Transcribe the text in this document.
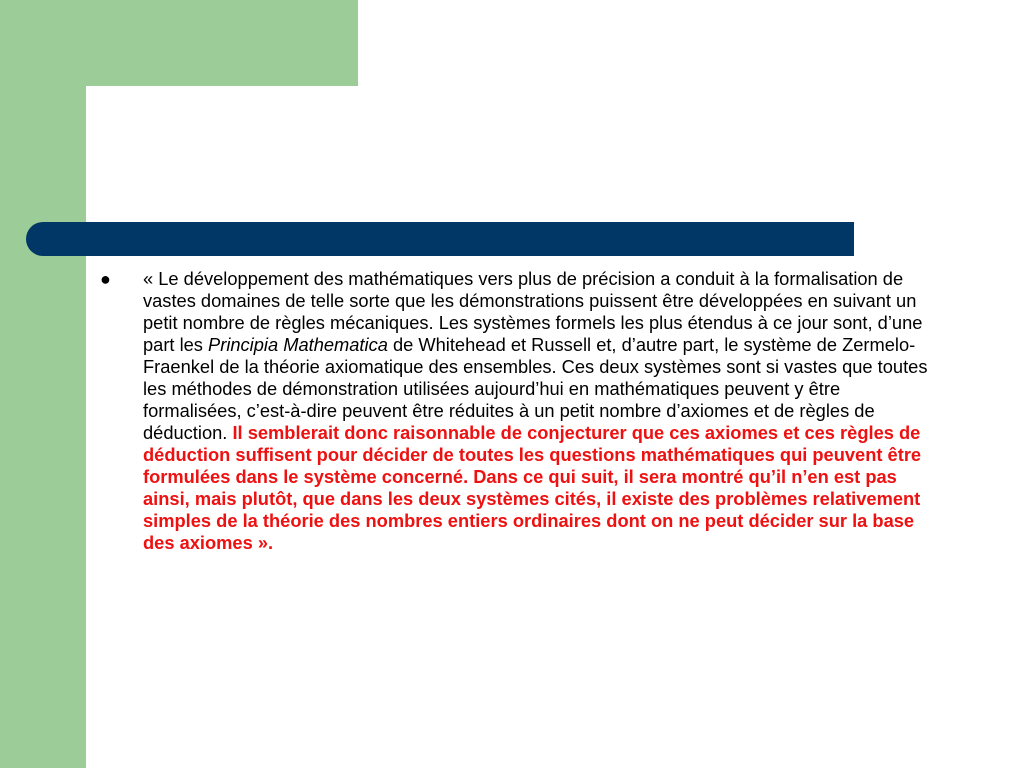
●	« Le développement des mathématiques vers plus de précision a conduit à la formalisation de vastes domaines de telle sorte que les démonstrations puissent être développées en suivant un petit nombre de règles mécaniques. Les systèmes formels les plus étendus à ce jour sont, d’une part les Principia Mathematica de Whitehead et Russell et, d’autre part, le système de Zermelo-Fraenkel de la théorie axiomatique des ensembles. Ces deux systèmes sont si vastes que toutes les méthodes de démonstration utilisées aujourd’hui en mathématiques peuvent y être formalisées, c’est-à-dire peuvent être réduites à un petit nombre d’axiomes et de règles de déduction. Il semblerait donc raisonnable de conjecturer que ces axiomes et ces règles de déduction suffisent pour décider de toutes les questions mathématiques qui peuvent être formulées dans le système concerné. Dans ce qui suit, il sera montré qu’il n’en est pas ainsi, mais plutôt, que dans les deux systèmes cités, il existe des problèmes relativement simples de la théorie des nombres entiers ordinaires dont on ne peut décider sur la base des axiomes ».
